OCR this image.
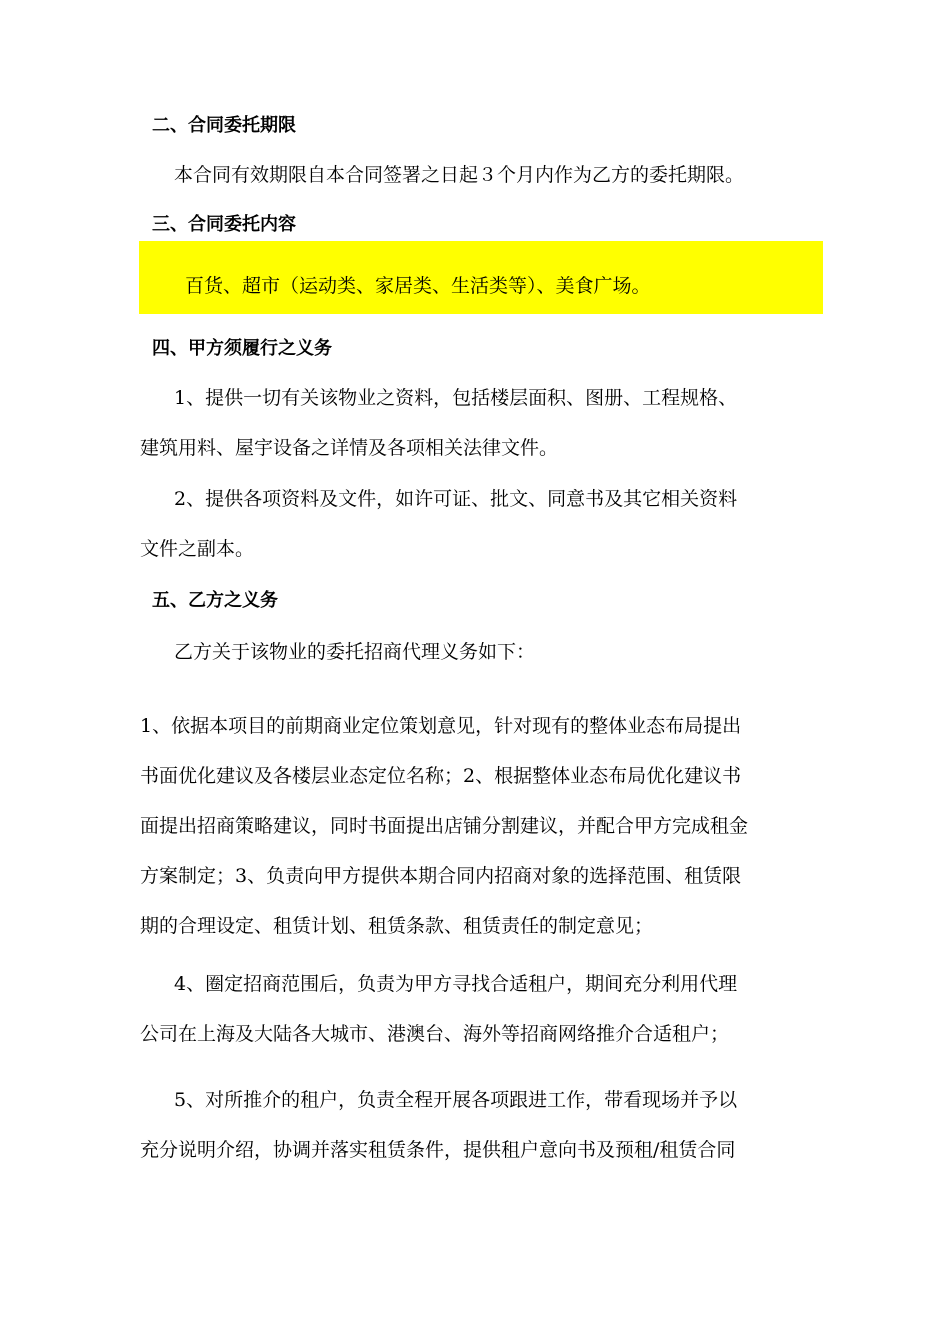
二、合同委托期限
本合同有效期限自本合同签署之日起３个月内作为乙方的委托期限。
三、合同委托内容
百货、超市（运动类、家居类、生活类等）、美食广场。
四、甲方须履行之义务
1、提供一切有关该物业之资料，包括楼层面积、图册、工程规格、
建筑用料、屋宇设备之详情及各项相关法律文件。
2、提供各项资料及文件，如许可证、批文、同意书及其它相关资料
文件之副本。
五、乙方之义务
乙方关于该物业的委托招商代理义务如下：
1、依据本项目的前期商业定位策划意见，针对现有的整体业态布局提出
书面优化建议及各楼层业态定位名称；2、根据整体业态布局优化建议书
面提出招商策略建议，同时书面提出店铺分割建议，并配合甲方完成租金
方案制定；3、负责向甲方提供本期合同内招商对象的选择范围、租赁限
期的合理设定、租赁计划、租赁条款、租赁责任的制定意见；
4、圈定招商范围后，负责为甲方寻找合适租户，期间充分利用代理
公司在上海及大陆各大城市、港澳台、海外等招商网络推介合适租户；
5、对所推介的租户，负责全程开展各项跟进工作，带看现场并予以
充分说明介绍，协调并落实租赁条件，提供租户意向书及预租/租赁合同
